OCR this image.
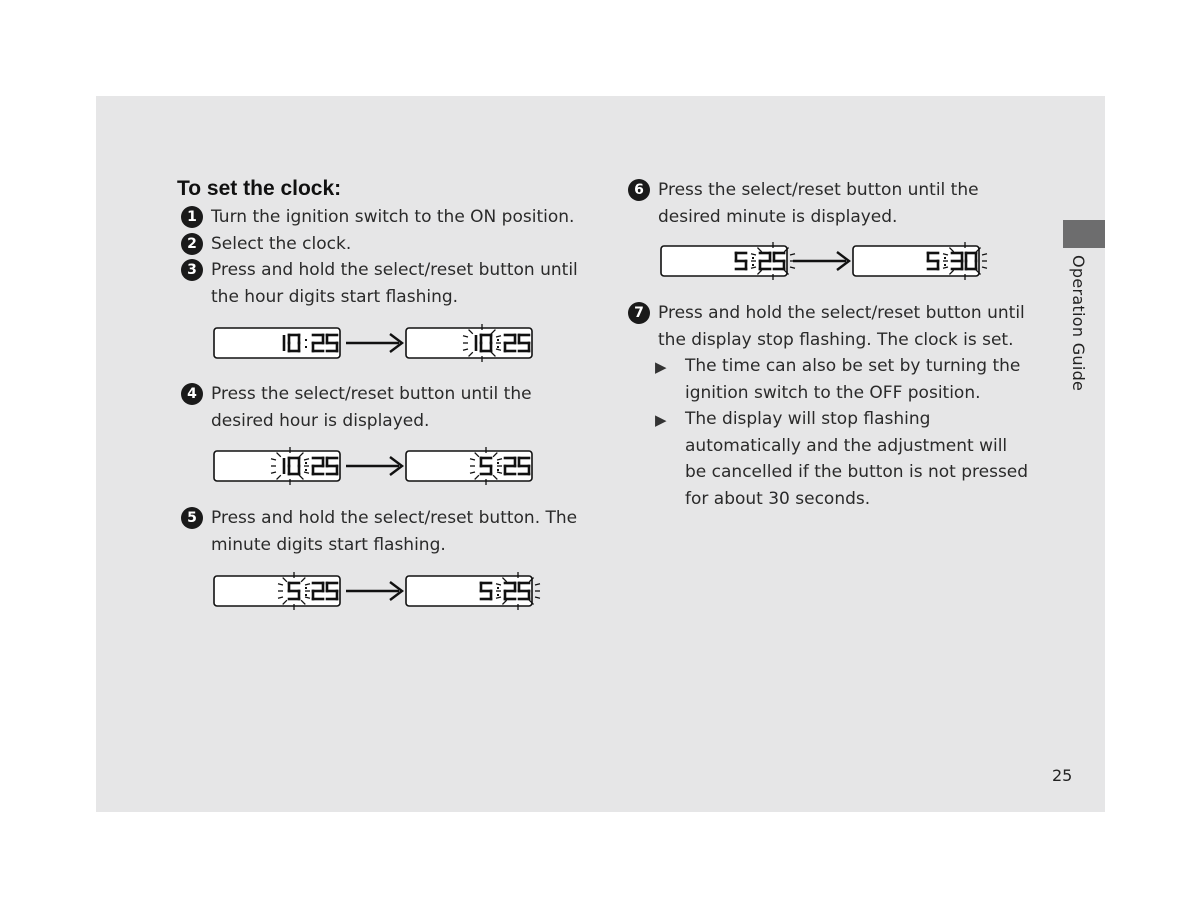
To set the clock:
1 Turn the ignition switch to the ON position.
2 Select the clock.
3 Press and hold the select/reset button until the hour digits start flashing.
4 Press the select/reset button until the desired hour is displayed.
5 Press and hold the select/reset button. The minute digits start flashing.
6 Press the select/reset button until the desired minute is displayed.
7 Press and hold the select/reset button until the display stop flashing. The clock is set.
▶ The time can also be set by turning the ignition switch to the OFF position.
▶ The display will stop flashing automatically and the adjustment will be cancelled if the button is not pressed for about 30 seconds.
Operation Guide
25
